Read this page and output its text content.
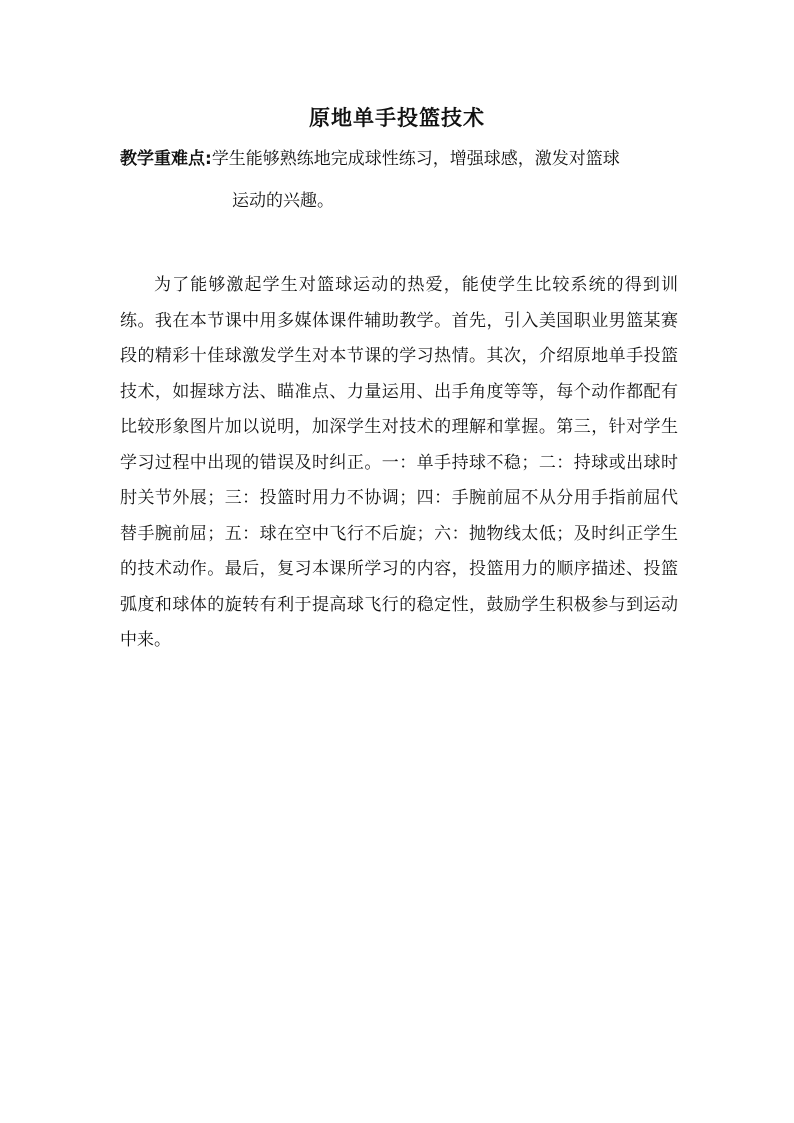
原地单手投篮技术
教学重难点:学生能够熟练地完成球性练习，增强球感，激发对篮球
运动的兴趣。

为了能够激起学生对篮球运动的热爱，能使学生比较系统的得到训练。我在本节课中用多媒体课件辅助教学。首先，引入美国职业男篮某赛段的精彩十佳球激发学生对本节课的学习热情。其次，介绍原地单手投篮技术，如握球方法、瞄准点、力量运用、出手角度等等，每个动作都配有比较形象图片加以说明，加深学生对技术的理解和掌握。第三，针对学生学习过程中出现的错误及时纠正。一：单手持球不稳；二：持球或出球时肘关节外展；三：投篮时用力不协调；四：手腕前屈不从分用手指前屈代替手腕前屈；五：球在空中飞行不后旋；六：抛物线太低；及时纠正学生的技术动作。最后，复习本课所学习的内容，投篮用力的顺序描述、投篮弧度和球体的旋转有利于提高球飞行的稳定性，鼓励学生积极参与到运动中来。
